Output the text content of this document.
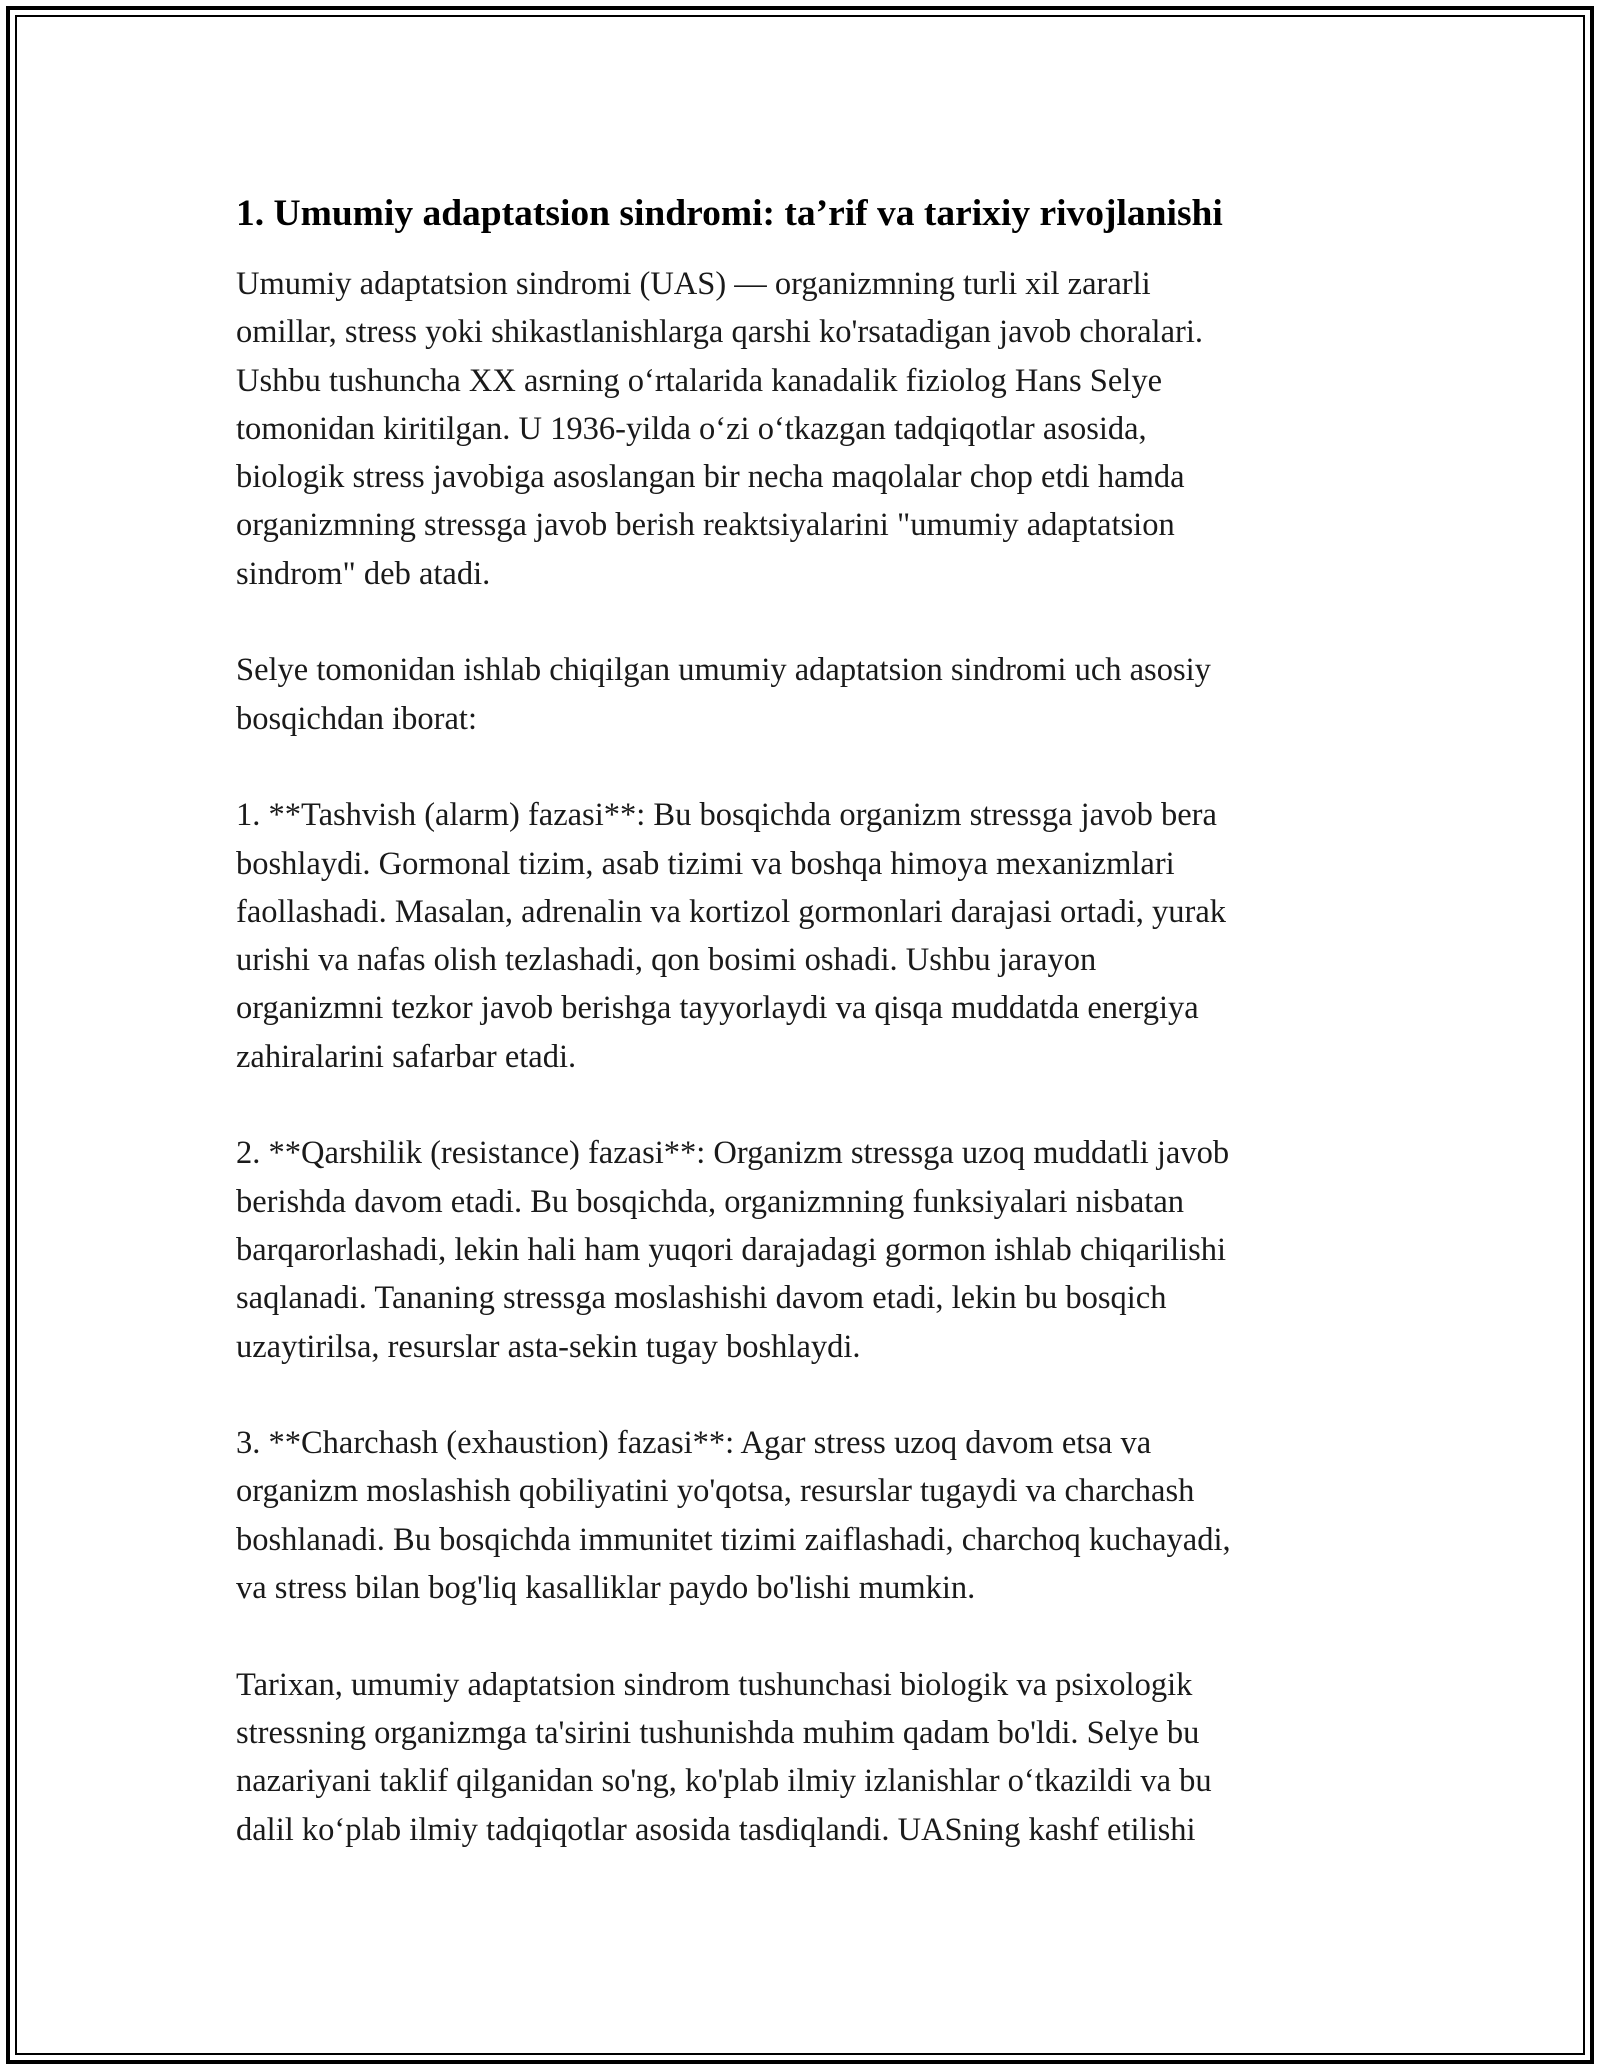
1. Umumiy adaptatsion sindromi: ta’rif va tarixiy rivojlanishi

Umumiy adaptatsion sindromi (UAS) — organizmning turli xil zararli
omillar, stress yoki shikastlanishlarga qarshi ko'rsatadigan javob choralari.
Ushbu tushuncha XX asrning o‘rtalarida kanadalik fiziolog Hans Selye
tomonidan kiritilgan. U 1936-yilda o‘zi o‘tkazgan tadqiqotlar asosida,
biologik stress javobiga asoslangan bir necha maqolalar chop etdi hamda
organizmning stressga javob berish reaktsiyalarini "umumiy adaptatsion
sindrom" deb atadi.

Selye tomonidan ishlab chiqilgan umumiy adaptatsion sindromi uch asosiy
bosqichdan iborat:

1. **Tashvish (alarm) fazasi**: Bu bosqichda organizm stressga javob bera
boshlaydi. Gormonal tizim, asab tizimi va boshqa himoya mexanizmlari
faollashadi. Masalan, adrenalin va kortizol gormonlari darajasi ortadi, yurak
urishi va nafas olish tezlashadi, qon bosimi oshadi. Ushbu jarayon
organizmni tezkor javob berishga tayyorlaydi va qisqa muddatda energiya
zahiralarini safarbar etadi.

2. **Qarshilik (resistance) fazasi**: Organizm stressga uzoq muddatli javob
berishda davom etadi. Bu bosqichda, organizmning funksiyalari nisbatan
barqarorlashadi, lekin hali ham yuqori darajadagi gormon ishlab chiqarilishi
saqlanadi. Tananing stressga moslashishi davom etadi, lekin bu bosqich
uzaytirilsa, resurslar asta-sekin tugay boshlaydi.

3. **Charchash (exhaustion) fazasi**: Agar stress uzoq davom etsa va
organizm moslashish qobiliyatini yo'qotsa, resurslar tugaydi va charchash
boshlanadi. Bu bosqichda immunitet tizimi zaiflashadi, charchoq kuchayadi,
va stress bilan bog'liq kasalliklar paydo bo'lishi mumkin.

Tarixan, umumiy adaptatsion sindrom tushunchasi biologik va psixologik
stressning organizmga ta'sirini tushunishda muhim qadam bo'ldi. Selye bu
nazariyani taklif qilganidan so'ng, ko'plab ilmiy izlanishlar o‘tkazildi va bu
dalil ko‘plab ilmiy tadqiqotlar asosida tasdiqlandi. UASning kashf etilishi
